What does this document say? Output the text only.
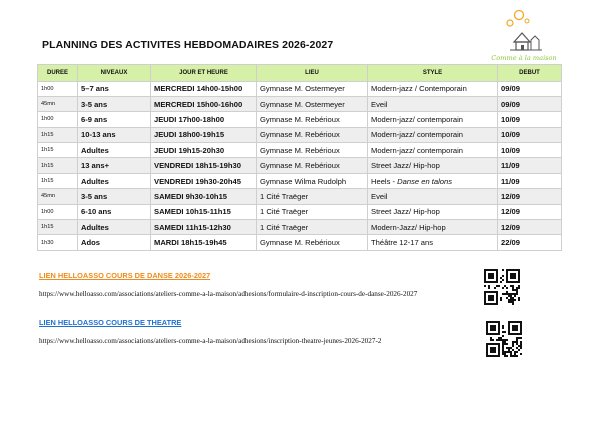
Comme à la maison
PLANNING DES ACTIVITES HEBDOMADAIRES 2026-2027
DUREE	NIVEAUX	JOUR ET HEURE	LIEU	STYLE	DEBUT
1h00	5–7 ans	MERCREDI 14h00-15h00	Gymnase M. Ostermeyer	Modern-jazz / Contemporain	09/09
45mn	3-5 ans	MERCREDI 15h00-16h00	Gymnase M. Ostermeyer	Eveil	09/09
1h00	6-9 ans	JEUDI 17h00-18h00	Gymnase M. Rebérioux	Modern-jazz/ contemporain	10/09
1h15	10-13 ans	JEUDI 18h00-19h15	Gymnase M. Rebérioux	Modern-jazz/ contemporain	10/09
1h15	Adultes	JEUDI 19h15-20h30	Gymnase M. Rebérioux	Modern-jazz/ contemporain	10/09
1h15	13 ans+	VENDREDI 18h15-19h30	Gymnase M. Rebérioux	Street Jazz/ Hip-hop	11/09
1h15	Adultes	VENDREDI 19h30-20h45	Gymnase Wilma Rudolph	Heels - Danse en talons	11/09
45mn	3-5 ans	SAMEDI 9h30-10h15	1 Cité Traëger	Eveil	12/09
1h00	6-10 ans	SAMEDI 10h15-11h15	1 Cité Traëger	Street Jazz/ Hip-hop	12/09
1h15	Adultes	SAMEDI 11h15-12h30	1 Cité Traëger	Modern-Jazz/ Hip-hop	12/09
1h30	Ados	MARDI 18h15-19h45	Gymnase M. Rebérioux	Théâtre 12-17 ans	22/09
LIEN HELLOASSO COURS DE DANSE 2026-2027
https://www.helloasso.com/associations/ateliers-comme-a-la-maison/adhesions/formulaire-d-inscription-cours-de-danse-2026-2027
LIEN HELLOASSO COURS DE THEATRE
https://www.helloasso.com/associations/ateliers-comme-a-la-maison/adhesions/inscription-theatre-jeunes-2026-2027-2
